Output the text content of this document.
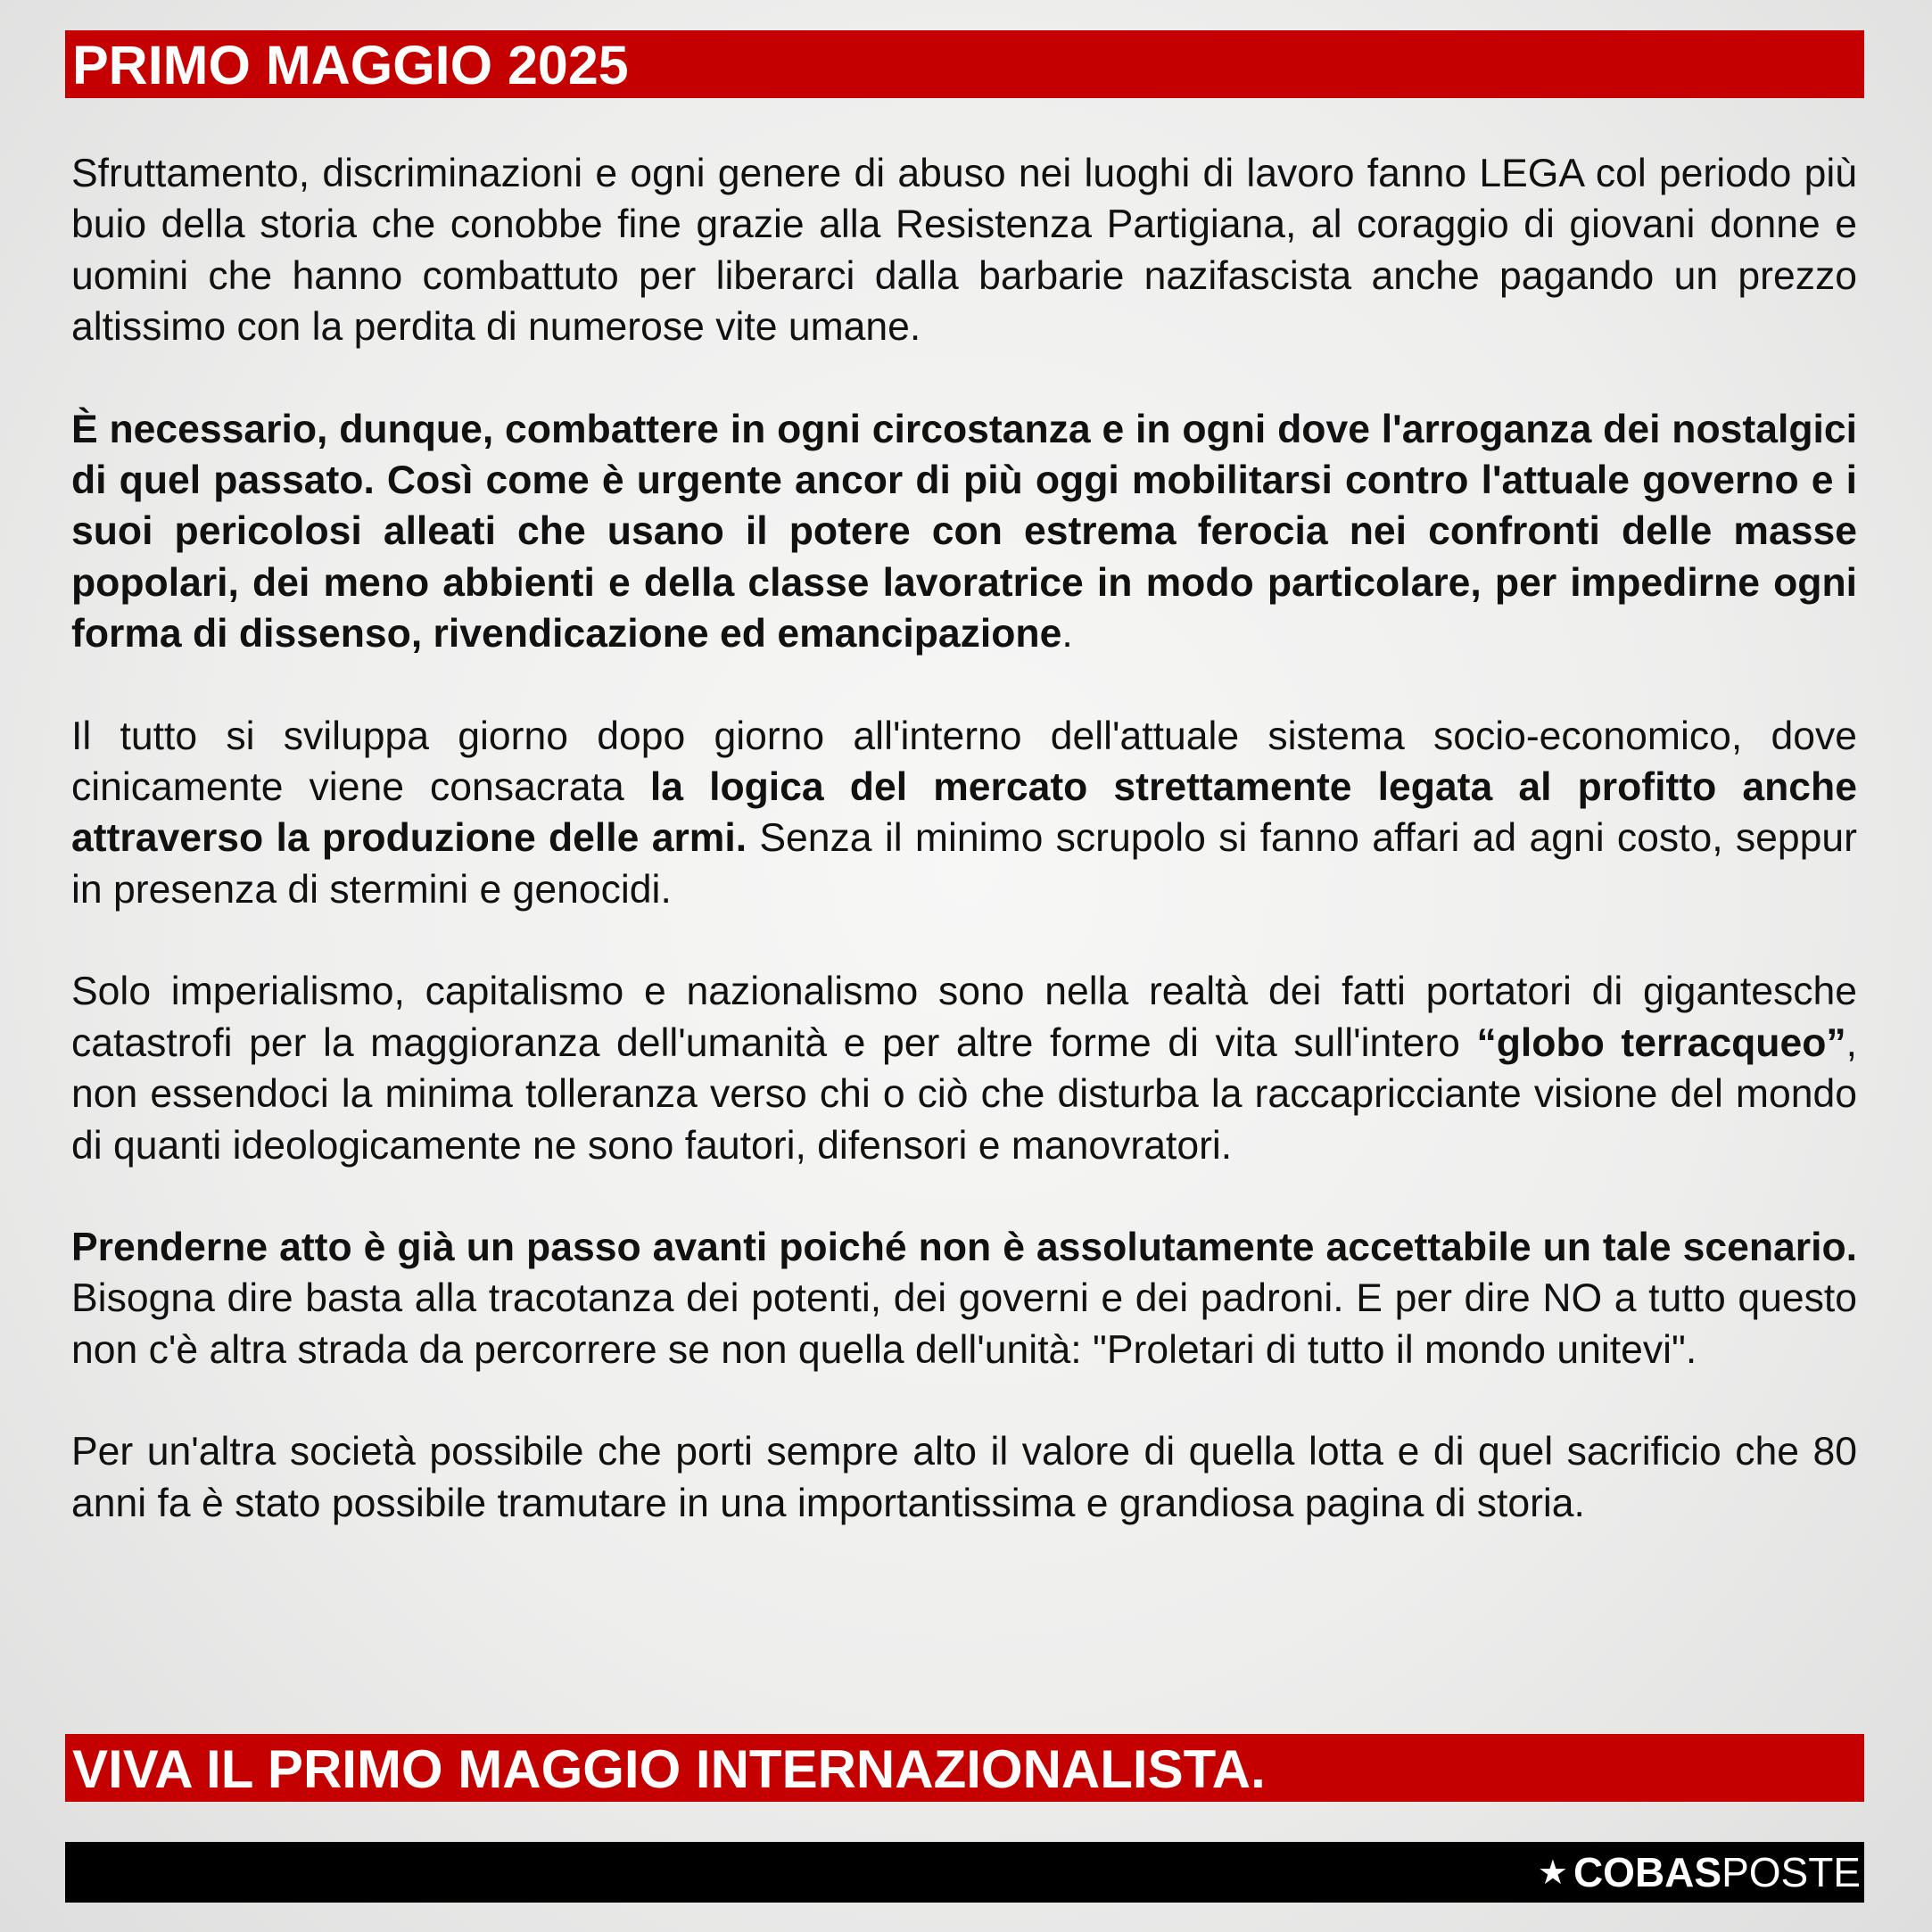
PRIMO MAGGIO 2025

Sfruttamento, discriminazioni e ogni genere di abuso nei luoghi di lavoro fanno LEGA col periodo più buio della storia che conobbe fine grazie alla Resistenza Partigiana, al coraggio di giovani donne e uomini che hanno combattuto per liberarci dalla barbarie nazifascista anche pagando un prezzo altissimo con la perdita di numerose vite umane.

È necessario, dunque, combattere in ogni circostanza e in ogni dove l'arroganza dei nostalgici di quel passato. Così come è urgente ancor di più oggi mobilitarsi contro l'attuale governo e i suoi pericolosi alleati che usano il potere con estrema ferocia nei confronti delle masse popolari, dei meno abbienti e della classe lavoratrice in modo particolare, per impedirne ogni forma di dissenso, rivendicazione ed emancipazione.

Il tutto si sviluppa giorno dopo giorno all'interno dell'attuale sistema socio-economico, dove cinicamente viene consacrata la logica del mercato strettamente legata al profitto anche attraverso la produzione delle armi. Senza il minimo scrupolo si fanno affari ad agni costo, seppur in presenza di stermini e genocidi.

Solo imperialismo, capitalismo e nazionalismo sono nella realtà dei fatti portatori di gigantesche catastrofi per la maggioranza dell'umanità e per altre forme di vita sull'intero “globo terracqueo”, non essendoci la minima tolleranza verso chi o ciò che disturba la raccapricciante visione del mondo di quanti ideologicamente ne sono fautori, difensori e manovratori.

Prenderne atto è già un passo avanti poiché non è assolutamente accettabile un tale scenario. Bisogna dire basta alla tracotanza dei potenti, dei governi e dei padroni. E per dire NO a tutto questo non c'è altra strada da percorrere se non quella dell'unità: "Proletari di tutto il mondo unitevi".

Per un'altra società possibile che porti sempre alto il valore di quella lotta e di quel sacrificio che 80 anni fa è stato possibile tramutare in una importantissima e grandiosa pagina di storia.

VIVA IL PRIMO MAGGIO INTERNAZIONALISTA.
★ COBAS POSTE
